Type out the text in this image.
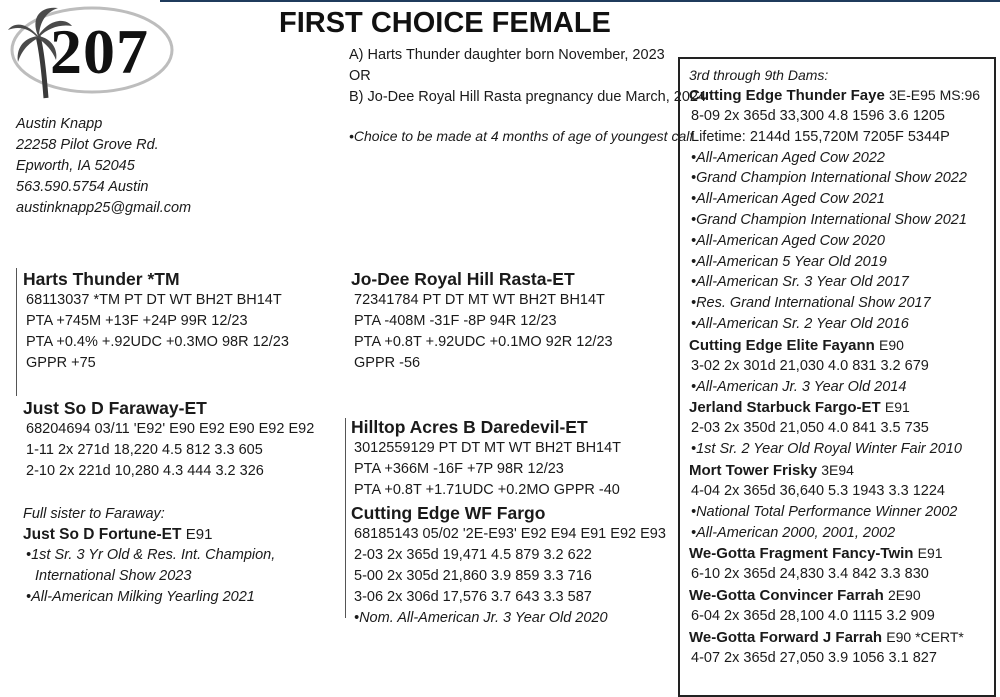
207	FIRST CHOICE FEMALE
A) Harts Thunder daughter born November, 2023
OR
B) Jo-Dee Royal Hill Rasta pregnancy due March, 2024
•Choice to be made at 4 months of age of youngest calf
Austin Knapp
22258 Pilot Grove Rd.
Epworth, IA 52045
563.590.5754 Austin
austinknapp25@gmail.com
Harts Thunder *TM
68113037 *TM PT DT WT BH2T BH14T
PTA +745M +13F +24P 99R 12/23
PTA +0.4% +.92UDC +0.3MO 98R 12/23
GPPR +75
Just So D Faraway-ET
68204694 03/11 'E92' E90 E92 E90 E92 E92
1-11 2x 271d 18,220 4.5 812 3.3 605
2-10 2x 221d 10,280 4.3 444 3.2 326
Full sister to Faraway:
Just So D Fortune-ET E91
•1st Sr. 3 Yr Old & Res. Int. Champion,
International Show 2023
•All-American Milking Yearling 2021
Jo-Dee Royal Hill Rasta-ET
72341784 PT DT MT WT BH2T BH14T
PTA -408M -31F -8P 94R 12/23
PTA +0.8T +.92UDC +0.1MO 92R 12/23
GPPR -56
Hilltop Acres B Daredevil-ET
3012559129 PT DT MT WT BH2T BH14T
PTA +366M -16F +7P 98R 12/23
PTA +0.8T +1.71UDC +0.2MO GPPR -40
Cutting Edge WF Fargo
68185143 05/02 '2E-E93' E92 E94 E91 E92 E93
2-03 2x 365d 19,471 4.5 879 3.2 622
5-00 2x 305d 21,860 3.9 859 3.3 716
3-06 2x 306d 17,576 3.7 643 3.3 587
•Nom. All-American Jr. 3 Year Old 2020
3rd through 9th Dams:
Cutting Edge Thunder Faye 3E-E95 MS:96
8-09 2x 365d 33,300 4.8 1596 3.6 1205
Lifetime: 2144d 155,720M 7205F 5344P
•All-American Aged Cow 2022
•Grand Champion International Show 2022
•All-American Aged Cow 2021
•Grand Champion International Show 2021
•All-American Aged Cow 2020
•All-American 5 Year Old 2019
•All-American Sr. 3 Year Old 2017
•Res. Grand International Show 2017
•All-American Sr. 2 Year Old 2016
Cutting Edge Elite Fayann E90
3-02 2x 301d 21,030 4.0 831 3.2 679
•All-American Jr. 3 Year Old 2014
Jerland Starbuck Fargo-ET E91
2-03 2x 350d 21,050 4.0 841 3.5 735
•1st Sr. 2 Year Old Royal Winter Fair 2010
Mort Tower Frisky 3E94
4-04 2x 365d 36,640 5.3 1943 3.3 1224
•National Total Performance Winner 2002
•All-American 2000, 2001, 2002
We-Gotta Fragment Fancy-Twin E91
6-10 2x 365d 24,830 3.4 842 3.3 830
We-Gotta Convincer Farrah 2E90
6-04 2x 365d 28,100 4.0 1115 3.2 909
We-Gotta Forward J Farrah E90 *CERT*
4-07 2x 365d 27,050 3.9 1056 3.1 827
